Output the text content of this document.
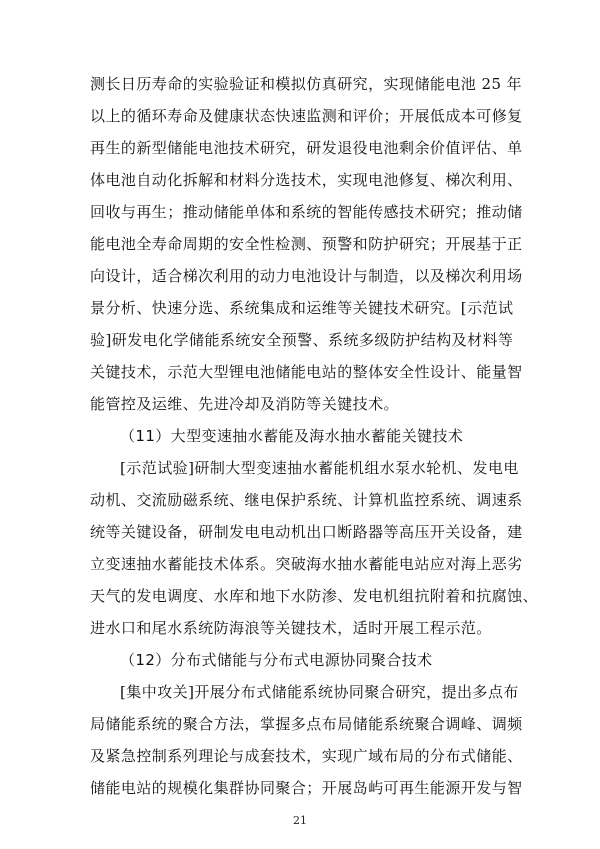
测长日历寿命的实验验证和模拟仿真研究，实现储能电池 25 年
以上的循环寿命及健康状态快速监测和评价；开展低成本可修复
再生的新型储能电池技术研究，研发退役电池剩余价值评估、单
体电池自动化拆解和材料分选技术，实现电池修复、梯次利用、
回收与再生；推动储能单体和系统的智能传感技术研究；推动储
能电池全寿命周期的安全性检测、预警和防护研究；开展基于正
向设计，适合梯次利用的动力电池设计与制造，以及梯次利用场
景分析、快速分选、系统集成和运维等关键技术研究。[示范试
验]研发电化学储能系统安全预警、系统多级防护结构及材料等
关键技术，示范大型锂电池储能电站的整体安全性设计、能量智
能管控及运维、先进冷却及消防等关键技术。
（11）大型变速抽水蓄能及海水抽水蓄能关键技术
[示范试验]研制大型变速抽水蓄能机组水泵水轮机、发电电
动机、交流励磁系统、继电保护系统、计算机监控系统、调速系
统等关键设备，研制发电电动机出口断路器等高压开关设备，建
立变速抽水蓄能技术体系。突破海水抽水蓄能电站应对海上恶劣
天气的发电调度、水库和地下水防渗、发电机组抗附着和抗腐蚀、
进水口和尾水系统防海浪等关键技术，适时开展工程示范。
（12）分布式储能与分布式电源协同聚合技术
[集中攻关]开展分布式储能系统协同聚合研究，提出多点布
局储能系统的聚合方法，掌握多点布局储能系统聚合调峰、调频
及紧急控制系列理论与成套技术，实现广域布局的分布式储能、
储能电站的规模化集群协同聚合；开展岛屿可再生能源开发与智
21
